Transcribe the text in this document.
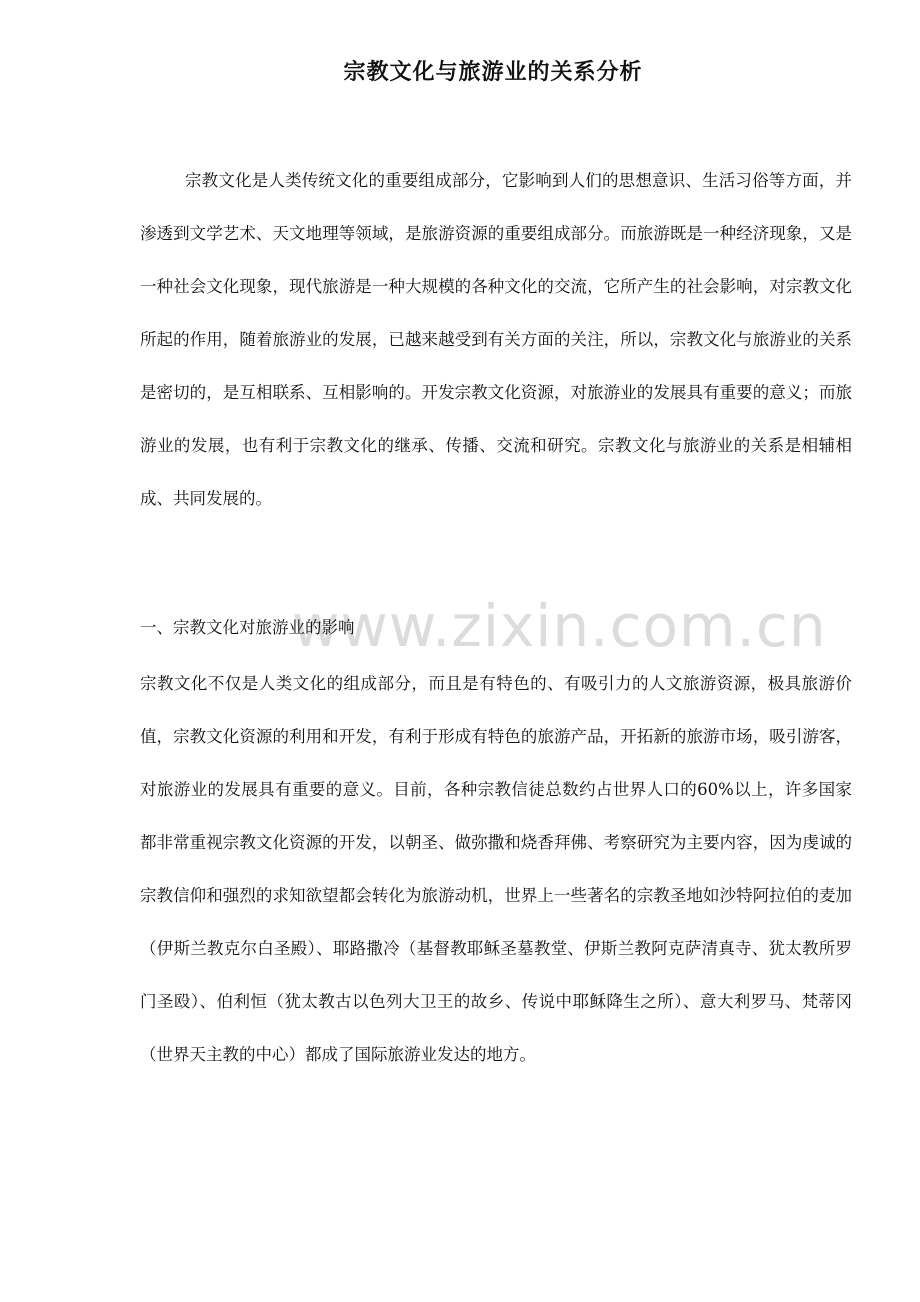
www.zixin.com.cn
宗教文化与旅游业的关系分析

宗教文化是人类传统文化的重要组成部分，它影响到人们的思想意识、生活习俗等方面，并渗透到文学艺术、天文地理等领域，是旅游资源的重要组成部分。而旅游既是一种经济现象，又是一种社会文化现象，现代旅游是一种大规模的各种文化的交流，它所产生的社会影响，对宗教文化所起的作用，随着旅游业的发展，已越来越受到有关方面的关注，所以，宗教文化与旅游业的关系是密切的，是互相联系、互相影响的。开发宗教文化资源，对旅游业的发展具有重要的意义；而旅游业的发展，也有利于宗教文化的继承、传播、交流和研究。宗教文化与旅游业的关系是相辅相成、共同发展的。

一、宗教文化对旅游业的影响

宗教文化不仅是人类文化的组成部分，而且是有特色的、有吸引力的人文旅游资源，极具旅游价值，宗教文化资源的利用和开发，有利于形成有特色的旅游产品，开拓新的旅游市场，吸引游客，对旅游业的发展具有重要的意义。目前，各种宗教信徒总数约占世界人口的60%以上，许多国家都非常重视宗教文化资源的开发，以朝圣、做弥撒和烧香拜佛、考察研究为主要内容，因为虔诚的宗教信仰和强烈的求知欲望都会转化为旅游动机，世界上一些著名的宗教圣地如沙特阿拉伯的麦加（伊斯兰教克尔白圣殿）、耶路撒冷（基督教耶稣圣墓教堂、伊斯兰教阿克萨清真寺、犹太教所罗门圣殴）、伯利恒（犹太教古以色列大卫王的故乡、传说中耶稣降生之所）、意大利罗马、梵蒂冈（世界天主教的中心）都成了国际旅游业发达的地方。
